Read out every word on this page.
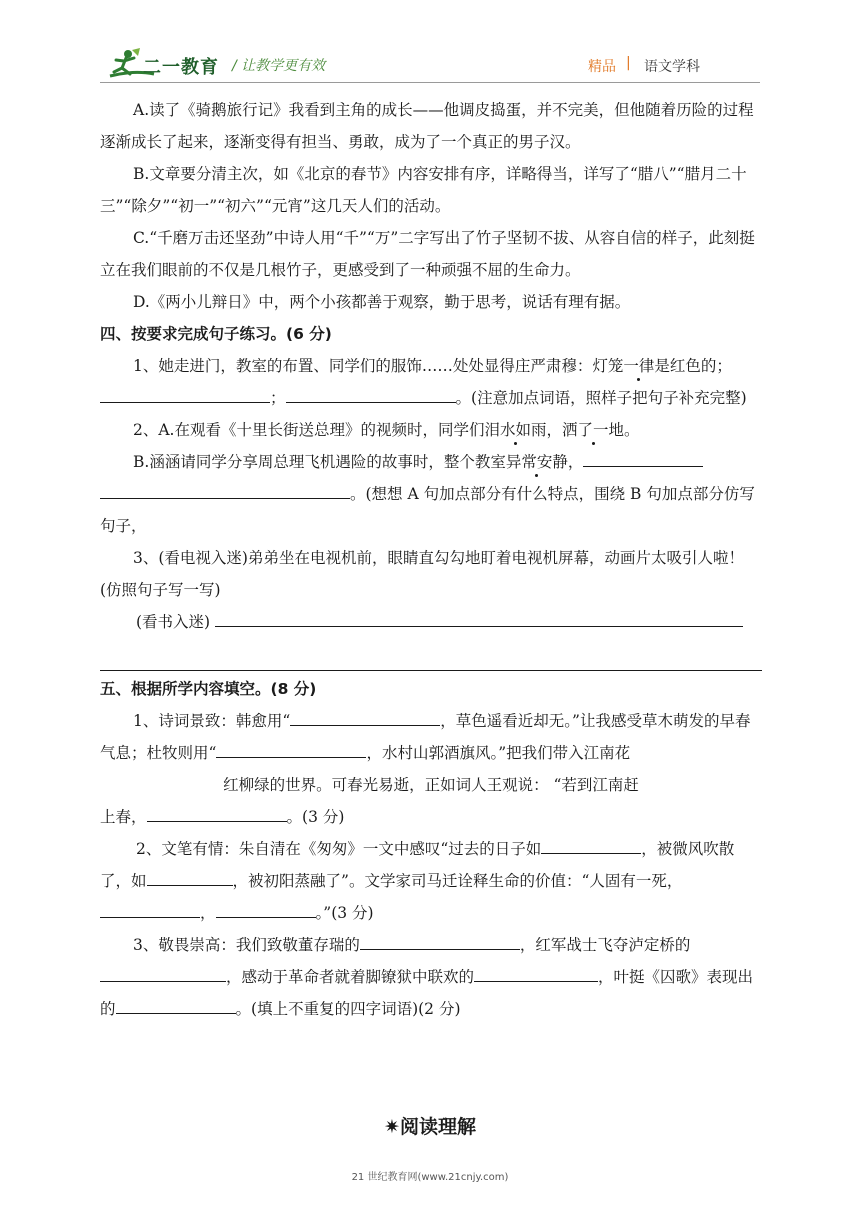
二一教育 / 让教学更有效	精品 | 语文学科

A.读了《骑鹅旅行记》我看到主角的成长——他调皮捣蛋，并不完美，但他随着历险的过程逐渐成长了起来，逐渐变得有担当、勇敢，成为了一个真正的男子汉。

B.文章要分清主次，如《北京的春节》内容安排有序，详略得当，详写了“腊八”“腊月二十三”“除夕”“初一”“初六”“元宵”这几天人们的活动。

C.“千磨万击还坚劲”中诗人用“千”“万”二字写出了竹子坚韧不拔、从容自信的样子，此刻挺立在我们眼前的不仅是几根竹子，更感受到了一种顽强不屈的生命力。

D.《两小儿辩日》中，两个小孩都善于观察，勤于思考，说话有理有据。

四、按要求完成句子练习。(6 分)

1、她走进门，教室的布置、同学们的服饰……处处显得庄严肃穆：灯笼一律是红色的；；	。(注意加点词语，照样子把句子补充完整)

2、A.在观看《十里长街送总理》的视频时，同学们泪水如雨，洒了一地。

B.涵涵请同学分享周总理飞机遇险的故事时，整个教室异常安静，。(想想 A 句加点部分有什么特点，围绕 B 句加点部分仿写句子，

3、(看电视入迷)弟弟坐在电视机前，眼睛直勾勾地盯着电视机屏幕，动画片太吸引人啦！ (仿照句子写一写)

(看书入迷)

五、根据所学内容填空。(8 分)

1、诗词景致：韩愈用“	，草色遥看近却无。”让我感受草木萌发的早春气息；杜牧则用“	，水村山郭酒旗风。”把我们带入江南花

红柳绿的世界。可春光易逝，正如词人王观说： “若到江南赶

上春，	。(3 分)

2、文笔有情：朱自清在《匆匆》一文中感叹“过去的日子如	，被微风吹散了，如	，被初阳蒸融了”。文学家司马迁诠释生命的价值：“人固有一死，，	。”(3 分)

3、敬畏崇高：我们致敬董存瑞的	，红军战士飞夺泸定桥的，感动于革命者就着脚镣狱中联欢的	，叶挺《囚歌》表现出的	。(填上不重复的四字词语)(2 分)

✷阅读理解
21 世纪教育网(www.21cnjy.com)
